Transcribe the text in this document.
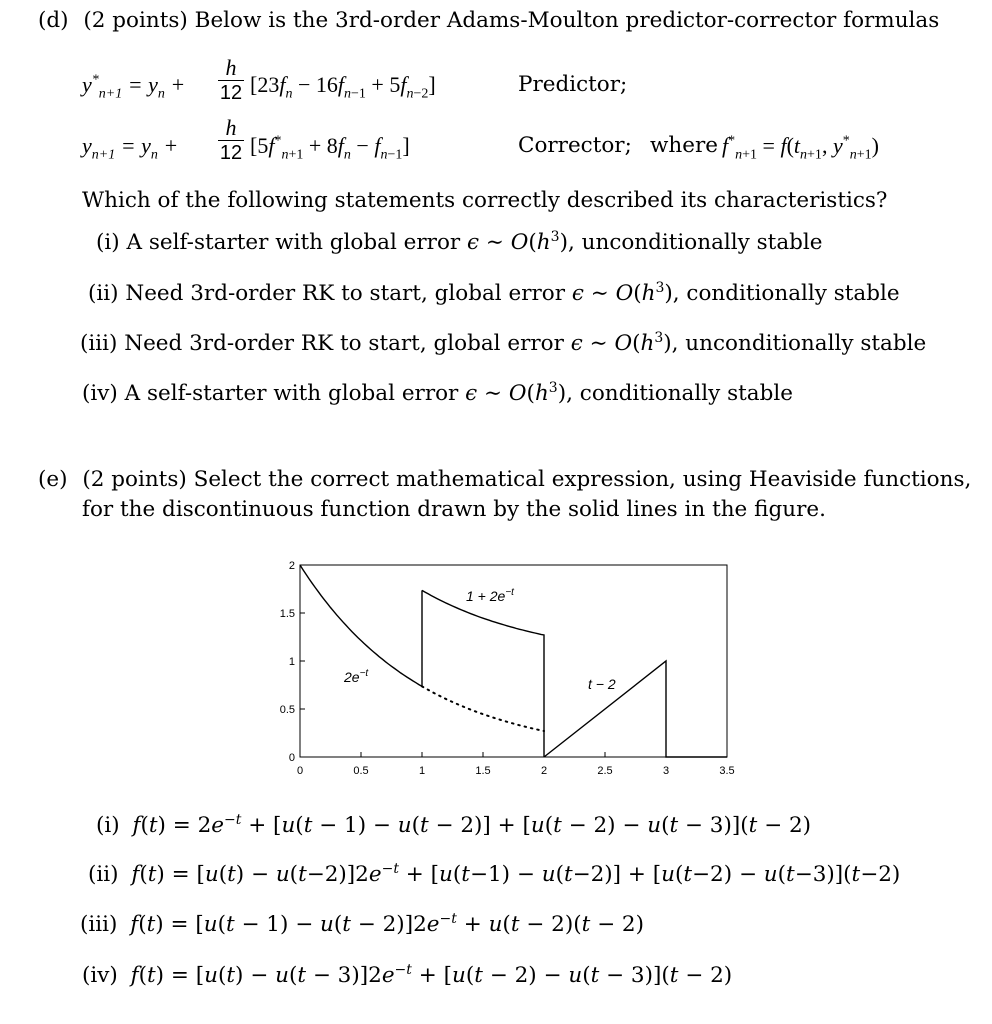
(d) (2 points) Below is the 3rd-order Adams-Moulton predictor-corrector formulas
$y^*_{n+1} = y_n$ +
h
12 $[23f_n - 16f_{n-1} + 5f_{n-2}]$	Predictor;
$y_{n+1} = y_n$ +
h
12 $[5f^*_{n+1} + 8f_n - f_{n-1}]$	Corrector; where $f^*_{n+1} = f(t_{n+1}$, $y^*_{n+1}$)
Which of the following statements correctly described its characteristics?
(i) A self-starter with global error ϵ ∼ $O(h^3)$, unconditionally stable
(ii) Need 3rd-order RK to start, global error ϵ ∼ $O(h^3)$, conditionally stable
(iii) Need 3rd-order RK to start, global error ϵ ∼ $O(h^3)$, unconditionally stable
(iv) A self-starter with global error ϵ ∼ $O(h^3)$, conditionally stable
(e) (2 points) Select the correct mathematical expression, using Heaviside functions,
for the discontinuous function drawn by the solid lines in the figure.
0	0.5	1	1.5	2	2.5	3	3.5
0
0.5
1
1.5
2
$1 + 2e^{-t}$
$2e^{-t}$
t − 2
(i) $f(t) = 2e^{-t} + [u(t - 1) - u(t - 2)] + [u(t - 2) - u(t - 3)](t - 2)$
(ii) $f(t) = [u(t) - u(t-2)]2e^{-t} + [u(t-1) - u(t-2)] + [u(t-2) - u(t-3)](t-2)$
(iii) $f(t) = [u(t - 1) - u(t - 2)]2e^{-t} + u(t - 2)(t - 2)$
(iv) $f(t) = [u(t) - u(t - 3)]2e^{-t} + [u(t - 2) - u(t - 3)](t - 2)$
